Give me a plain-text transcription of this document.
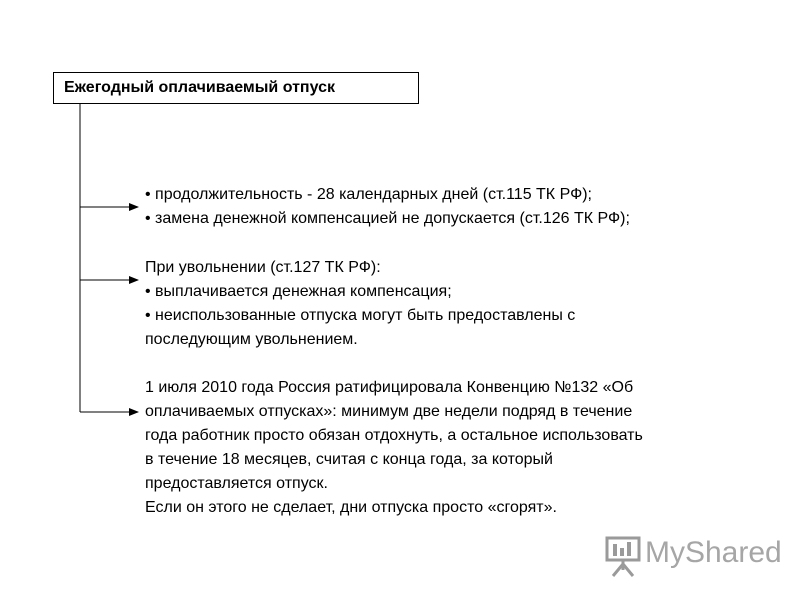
Ежегодный оплачиваемый отпуск
• продолжительность - 28 календарных дней (ст.115 ТК РФ);
• замена денежной компенсацией не допускается (ст.126 ТК РФ);
При увольнении (ст.127 ТК РФ):
• выплачивается денежная компенсация;
• неиспользованные отпуска могут быть предоставлены с
последующим увольнением.
1 июля 2010 года Россия ратифицировала Конвенцию №132 «Об
оплачиваемых отпусках»: минимум две недели подряд в течение
года работник просто обязан отдохнуть, а остальное использовать
в течение 18 месяцев, считая с конца года, за который
предоставляется отпуск.
Если он этого не сделает, дни отпуска просто «сгорят».
MyShared
